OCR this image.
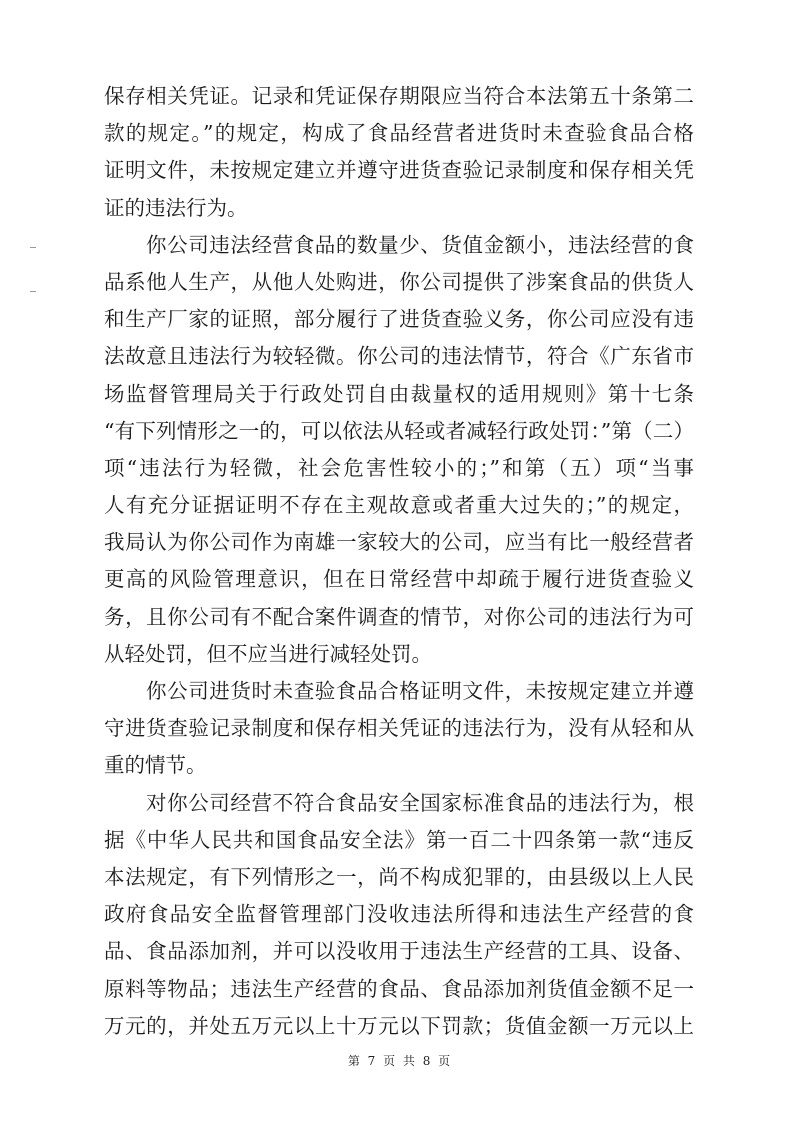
保存相关凭证。记录和凭证保存期限应当符合本法第五十条第二
款的规定。”的规定，构成了食品经营者进货时未查验食品合格
证明文件，未按规定建立并遵守进货查验记录制度和保存相关凭
证的违法行为。
你公司违法经营食品的数量少、货值金额小，违法经营的食
品系他人生产，从他人处购进，你公司提供了涉案食品的供货人
和生产厂家的证照，部分履行了进货查验义务，你公司应没有违
法故意且违法行为较轻微。你公司的违法情节，符合《广东省市
场监督管理局关于行政处罚自由裁量权的适用规则》第十七条
“有下列情形之一的，可以依法从轻或者减轻行政处罚：”第（二）
项“违法行为轻微，社会危害性较小的；”和第（五）项“当事
人有充分证据证明不存在主观故意或者重大过失的；”的规定，
我局认为你公司作为南雄一家较大的公司，应当有比一般经营者
更高的风险管理意识，但在日常经营中却疏于履行进货查验义
务，且你公司有不配合案件调查的情节，对你公司的违法行为可
从轻处罚，但不应当进行减轻处罚。
你公司进货时未查验食品合格证明文件，未按规定建立并遵
守进货查验记录制度和保存相关凭证的违法行为，没有从轻和从
重的情节。
对你公司经营不符合食品安全国家标准食品的违法行为，根
据《中华人民共和国食品安全法》第一百二十四条第一款“违反
本法规定，有下列情形之一，尚不构成犯罪的，由县级以上人民
政府食品安全监督管理部门没收违法所得和违法生产经营的食
品、食品添加剂，并可以没收用于违法生产经营的工具、设备、
原料等物品；违法生产经营的食品、食品添加剂货值金额不足一
万元的，并处五万元以上十万元以下罚款；货值金额一万元以上
第 7 页 共 8 页
